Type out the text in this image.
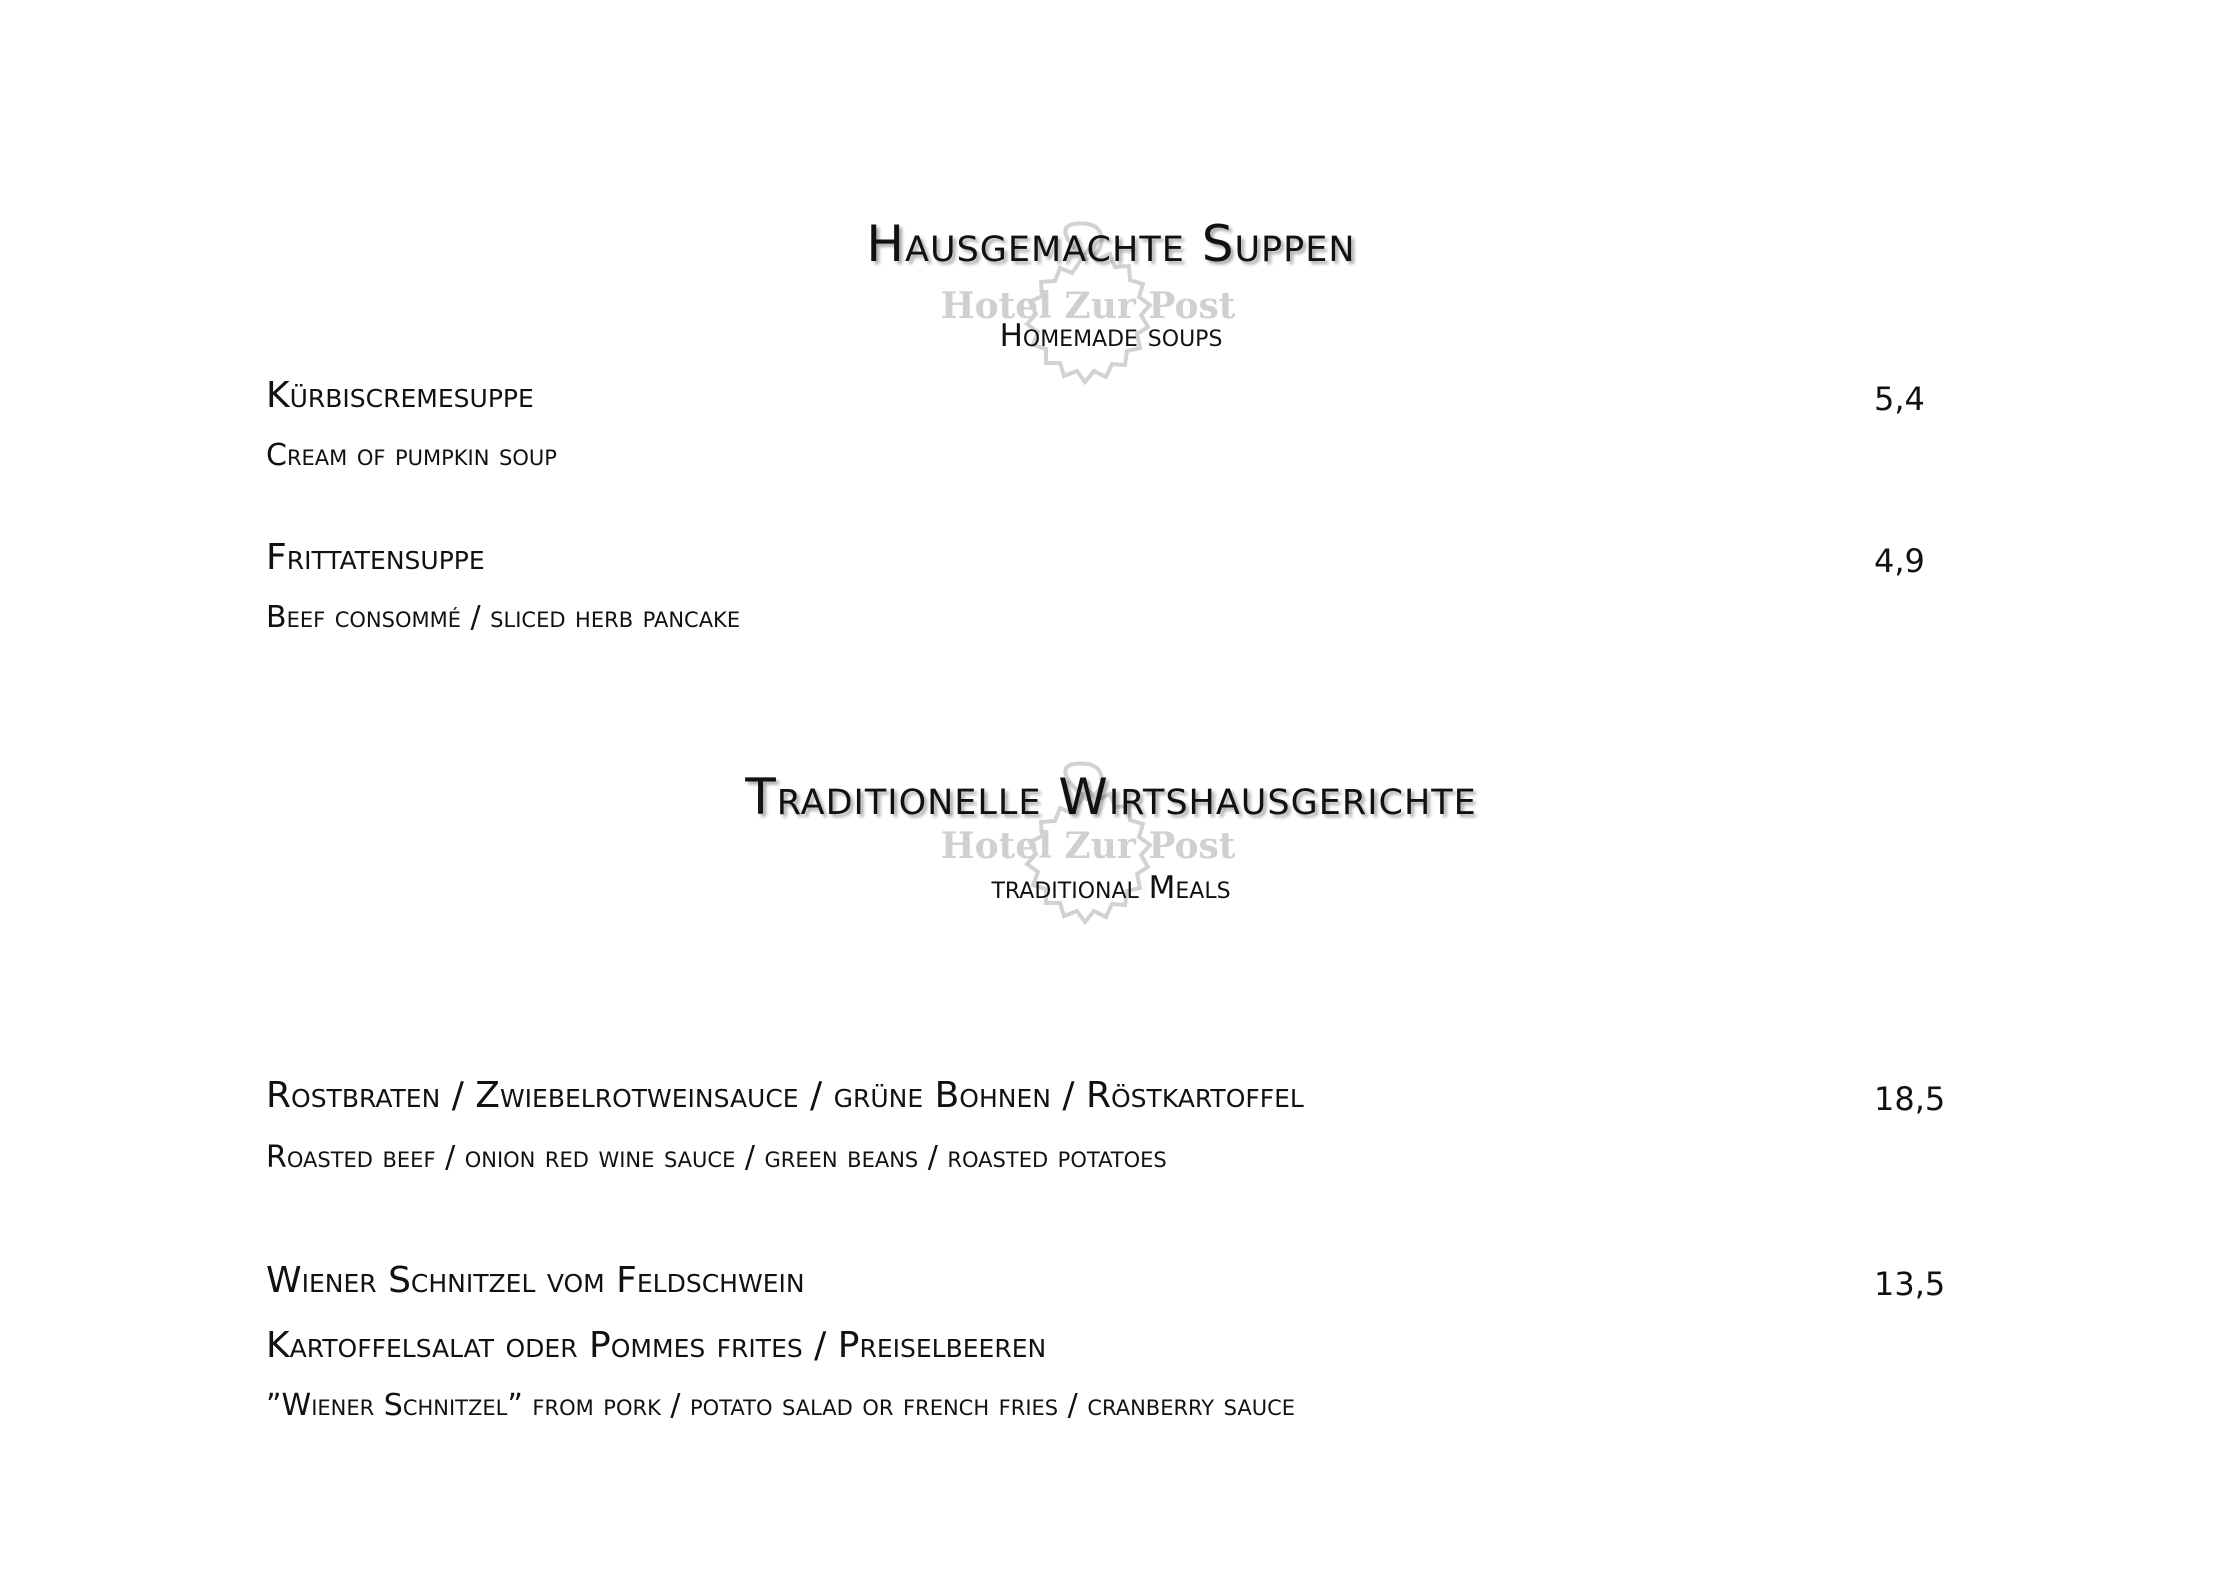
Hotel Zur Post
Hausgemachte Suppen
Homemade soups
Kürbiscremesuppe	5,4
Cream of pumpkin soup
Frittatensuppe	4,9
Beef consommé / sliced herb pancake
Hotel Zur Post
Traditionelle Wirtshausgerichte
traditional Meals
Rostbraten / Zwiebelrotweinsauce / grüne Bohnen / Röstkartoffel	18,5
Roasted beef / onion red wine sauce / green beans / roasted potatoes
Wiener Schnitzel vom Feldschwein	13,5
Kartoffelsalat oder Pommes frites / Preiselbeeren
”Wiener Schnitzel” from pork / potato salad or french fries / cranberry sauce
